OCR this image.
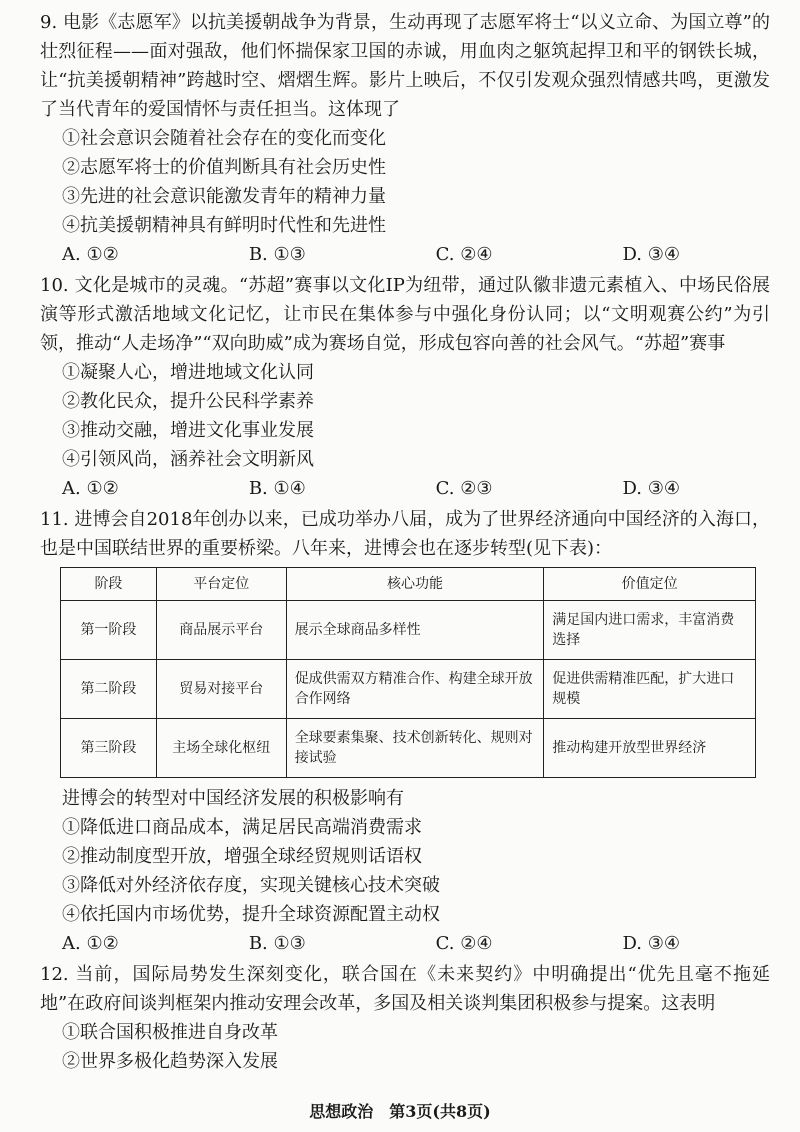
9. 电影《志愿军》以抗美援朝战争为背景，生动再现了志愿军将士“以义立命、为国立尊”的壮烈征程——面对强敌，他们怀揣保家卫国的赤诚，用血肉之躯筑起捍卫和平的钢铁长城，让“抗美援朝精神”跨越时空、熠熠生辉。影片上映后，不仅引发观众强烈情感共鸣，更激发了当代青年的爱国情怀与责任担当。这体现了

①社会意识会随着社会存在的变化而变化

②志愿军将士的价值判断具有社会历史性

③先进的社会意识能激发青年的精神力量

④抗美援朝精神具有鲜明时代性和先进性

A. ①②	B. ①③	C. ②④	D. ③④

10. 文化是城市的灵魂。“苏超”赛事以文化IP为纽带，通过队徽非遗元素植入、中场民俗展演等形式激活地域文化记忆，让市民在集体参与中强化身份认同；以“文明观赛公约”为引领，推动“人走场净”“双向助威”成为赛场自觉，形成包容向善的社会风气。“苏超”赛事

①凝聚人心，增进地域文化认同

②教化民众，提升公民科学素养

③推动交融，增进文化事业发展

④引领风尚，涵养社会文明新风

A. ①②	B. ①④	C. ②③	D. ③④

11. 进博会自2018年创办以来，已成功举办八届，成为了世界经济通向中国经济的入海口，也是中国联结世界的重要桥梁。八年来，进博会也在逐步转型(见下表)：

阶段	平台定位	核心功能	价值定位
第一阶段	商品展示平台	展示全球商品多样性	满足国内进口需求，丰富消费选择
第二阶段	贸易对接平台	促成供需双方精准合作、构建全球开放合作网络	促进供需精准匹配，扩大进口规模
第三阶段	主场全球化枢纽	全球要素集聚、技术创新转化、规则对接试验	推动构建开放型世界经济

进博会的转型对中国经济发展的积极影响有

①降低进口商品成本，满足居民高端消费需求

②推动制度型开放，增强全球经贸规则话语权

③降低对外经济依存度，实现关键核心技术突破

④依托国内市场优势，提升全球资源配置主动权

A. ①②	B. ①③	C. ②④	D. ③④

12. 当前，国际局势发生深刻变化，联合国在《未来契约》中明确提出“优先且毫不拖延地”在政府间谈判框架内推动安理会改革，多国及相关谈判集团积极参与提案。这表明

①联合国积极推进自身改革

②世界多极化趋势深入发展

思想政治　第3页(共8页)
